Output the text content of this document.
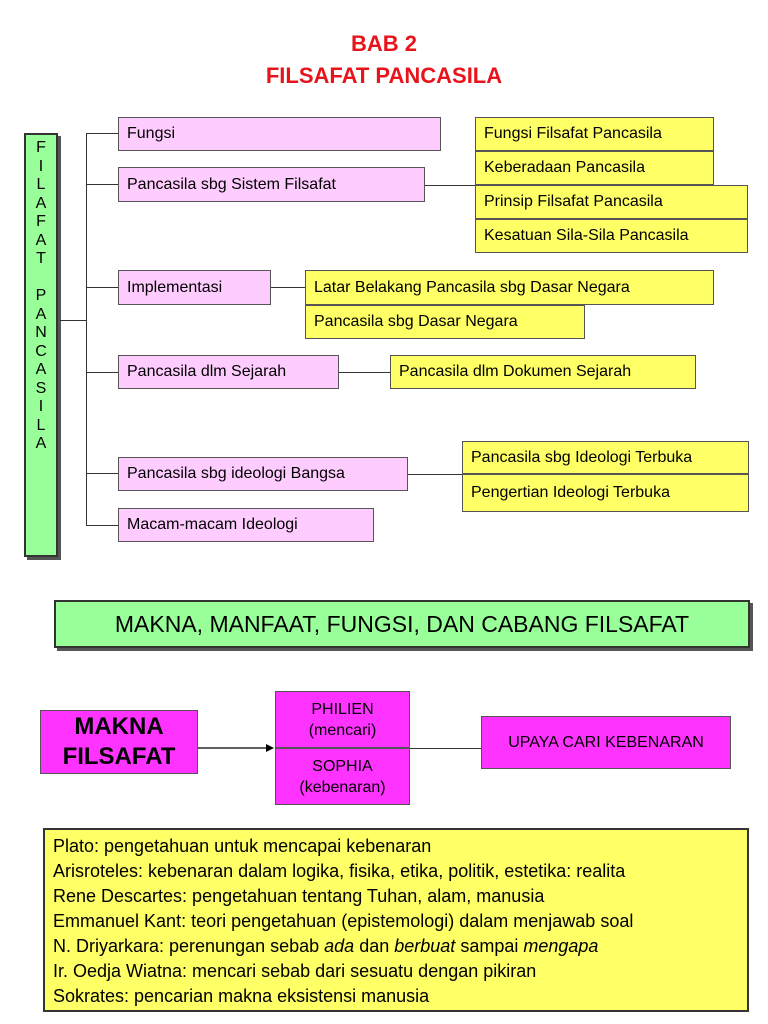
BAB 2
FILSAFAT PANCASILA
F
I
L
A
F
A
T
P
A
N
C
A
S
I
L
A
Fungsi
Pancasila sbg Sistem Filsafat
Implementasi
Pancasila dlm Sejarah
Pancasila sbg ideologi Bangsa
Macam-macam Ideologi
Fungsi Filsafat Pancasila
Keberadaan Pancasila
Prinsip Filsafat Pancasila
Kesatuan Sila-Sila Pancasila
Latar Belakang Pancasila sbg Dasar Negara
Pancasila sbg Dasar Negara
Pancasila dlm Dokumen Sejarah
Pancasila sbg Ideologi Terbuka
Pengertian Ideologi Terbuka
MAKNA, MANFAAT, FUNGSI, DAN CABANG FILSAFAT
MAKNA
FILSAFAT
PHILIEN
(mencari)
SOPHIA
(kebenaran)
UPAYA CARI KEBENARAN
Plato: pengetahuan untuk mencapai kebenaran
Arisroteles: kebenaran dalam logika, fisika, etika, politik, estetika: realita
Rene Descartes: pengetahuan tentang Tuhan, alam, manusia
Emmanuel Kant: teori pengetahuan (epistemologi) dalam menjawab soal
N. Driyarkara: perenungan sebab ada dan berbuat sampai mengapa
Ir. Oedja Wiatna: mencari sebab dari sesuatu dengan pikiran
Sokrates: pencarian makna eksistensi manusia
